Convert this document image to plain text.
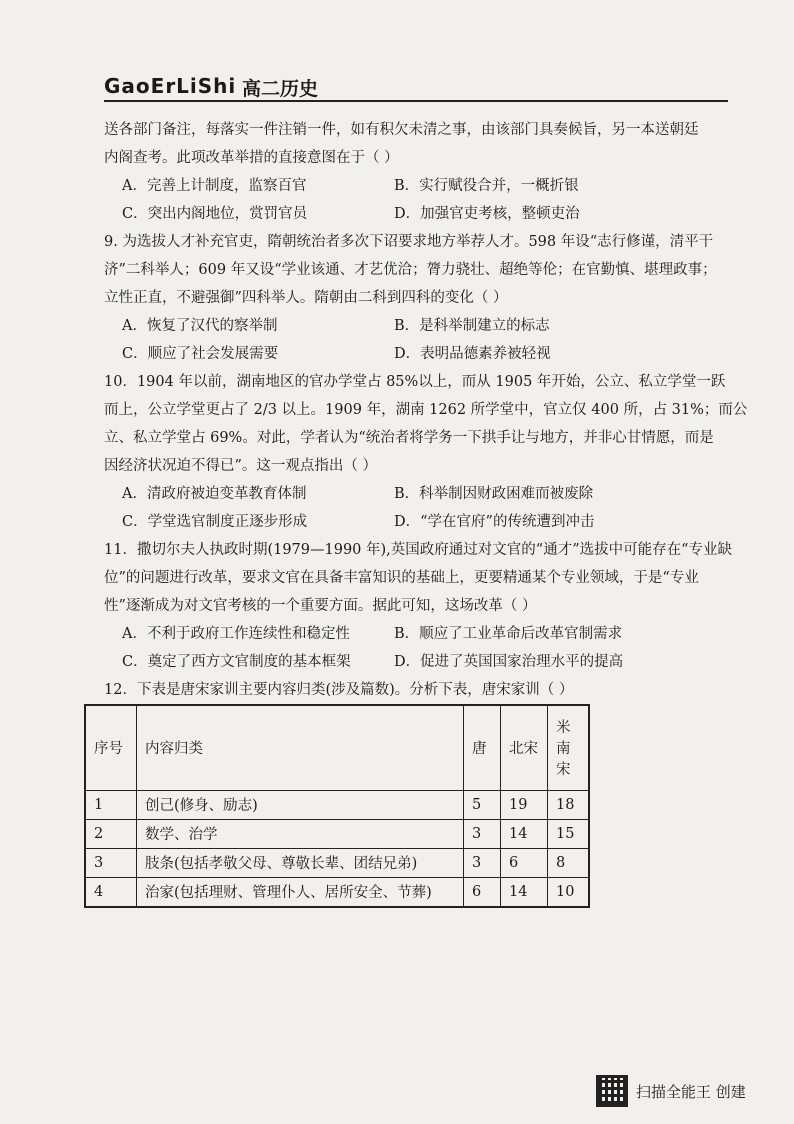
GaoErLiShi 高二历史
送各部门备注，每落实一件注销一件，如有积欠未清之事，由该部门具奏候旨，另一本送朝廷
内阁查考。此项改革举措的直接意图在于（ ）
A．完善上计制度，监察百官	B．实行赋役合并，一概折银
C．突出内阁地位，赏罚官员	D．加强官吏考核，整顿吏治
9. 为选拔人才补充官吏，隋朝统治者多次下诏要求地方举荐人才。598 年设“志行修谨，清平干
济”二科举人；609 年又设“学业该通、才艺优洽；膂力骁壮、超绝等伦；在官勤慎、堪理政事；
立性正直，不避强御”四科举人。隋朝由二科到四科的变化（ ）
A．恢复了汉代的察举制	B．是科举制建立的标志
C．顺应了社会发展需要	D．表明品德素养被轻视
10．1904 年以前，湖南地区的官办学堂占 85%以上，而从 1905 年开始，公立、私立学堂一跃
而上，公立学堂更占了 2/3 以上。1909 年，湖南 1262 所学堂中，官立仅 400 所，占 31%；而公
立、私立学堂占 69%。对此，学者认为“统治者将学务一下拱手让与地方，并非心甘情愿，而是
因经济状况迫不得已”。这一观点指出（ ）
A．清政府被迫变革教育体制	B．科举制因财政困难而被废除
C．学堂选官制度正逐步形成	D．“学在官府”的传统遭到冲击
11．撒切尔夫人执政时期(1979—1990 年),英国政府通过对文官的“通才”选拔中可能存在“专业缺
位”的问题进行改革，要求文官在具备丰富知识的基础上，更要精通某个专业领域，于是“专业
性”逐渐成为对文官考核的一个重要方面。据此可知，这场改革（ ）
A．不利于政府工作连续性和稳定性	B．顺应了工业革命后改革官制需求
C．奠定了西方文官制度的基本框架	D．促进了英国国家治理水平的提高
12．下表是唐宋家训主要内容归类(涉及篇数)。分析下表，唐宋家训（ ）
序号	内容归类	唐	北宋	米南宋
1	创己(修身、励志)	5	19	18
2	数学、治学	3	14	15
3	肢条(包括孝敬父母、尊敬长辈、团结兄弟)	3	6	8
4	治家(包括理财、管理仆人、居所安全、节葬)	6	14	10
扫描全能王 创建
